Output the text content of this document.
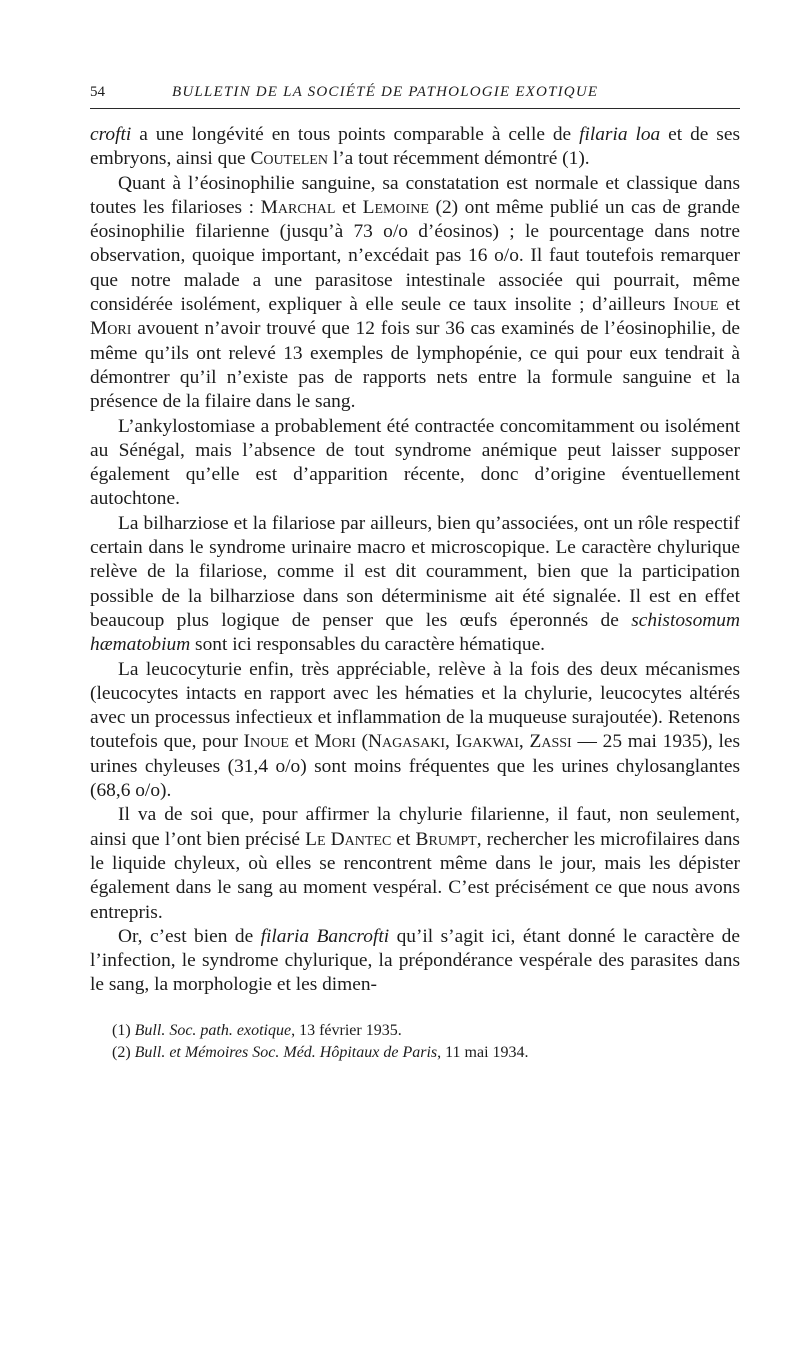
54	BULLETIN DE LA SOCIÉTÉ DE PATHOLOGIE EXOTIQUE

crofti a une longévité en tous points comparable à celle de filaria loa et de ses embryons, ainsi que Coutelen l’a tout récemment démontré (1).

Quant à l’éosinophilie sanguine, sa constatation est normale et classique dans toutes les filarioses : Marchal et Lemoine (2) ont même publié un cas de grande éosinophilie filarienne (jusqu’à 73 o/o d’éosinos) ; le pourcentage dans notre observation, quoique important, n’excédait pas 16 o/o. Il faut toutefois remarquer que notre malade a une parasitose intestinale associée qui pourrait, même considérée isolément, expliquer à elle seule ce taux insolite ; d’ailleurs Inoue et Mori avouent n’avoir trouvé que 12 fois sur 36 cas examinés de l’éosinophilie, de même qu’ils ont relevé 13 exemples de lymphopénie, ce qui pour eux tendrait à démontrer qu’il n’existe pas de rapports nets entre la formule sanguine et la présence de la filaire dans le sang.

L’ankylostomiase a probablement été contractée concomitamment ou isolément au Sénégal, mais l’absence de tout syndrome anémique peut laisser supposer également qu’elle est d’apparition récente, donc d’origine éventuellement autochtone.

La bilharziose et la filariose par ailleurs, bien qu’associées, ont un rôle respectif certain dans le syndrome urinaire macro et microscopique. Le caractère chylurique relève de la filariose, comme il est dit couramment, bien que la participation possible de la bilharziose dans son déterminisme ait été signalée. Il est en effet beaucoup plus logique de penser que les œufs éperonnés de schistosomum hæmatobium sont ici responsables du caractère hématique.

La leucocyturie enfin, très appréciable, relève à la fois des deux mécanismes (leucocytes intacts en rapport avec les hématies et la chylurie, leucocytes altérés avec un processus infectieux et inflammation de la muqueuse surajoutée). Retenons toutefois que, pour Inoue et Mori (Nagasaki, Igakwai, Zassi — 25 mai 1935), les urines chyleuses (31,4 o/o) sont moins fréquentes que les urines chylosanglantes (68,6 o/o).

Il va de soi que, pour affirmer la chylurie filarienne, il faut, non seulement, ainsi que l’ont bien précisé Le Dantec et Brumpt, rechercher les microfilaires dans le liquide chyleux, où elles se rencontrent même dans le jour, mais les dépister également dans le sang au moment vespéral. C’est précisément ce que nous avons entrepris.

Or, c’est bien de filaria Bancrofti qu’il s’agit ici, étant donné le caractère de l’infection, le syndrome chylurique, la prépondérance vespérale des parasites dans le sang, la morphologie et les dimen-

(1) Bull. Soc. path. exotique, 13 février 1935.
(2) Bull. et Mémoires Soc. Méd. Hôpitaux de Paris, 11 mai 1934.
